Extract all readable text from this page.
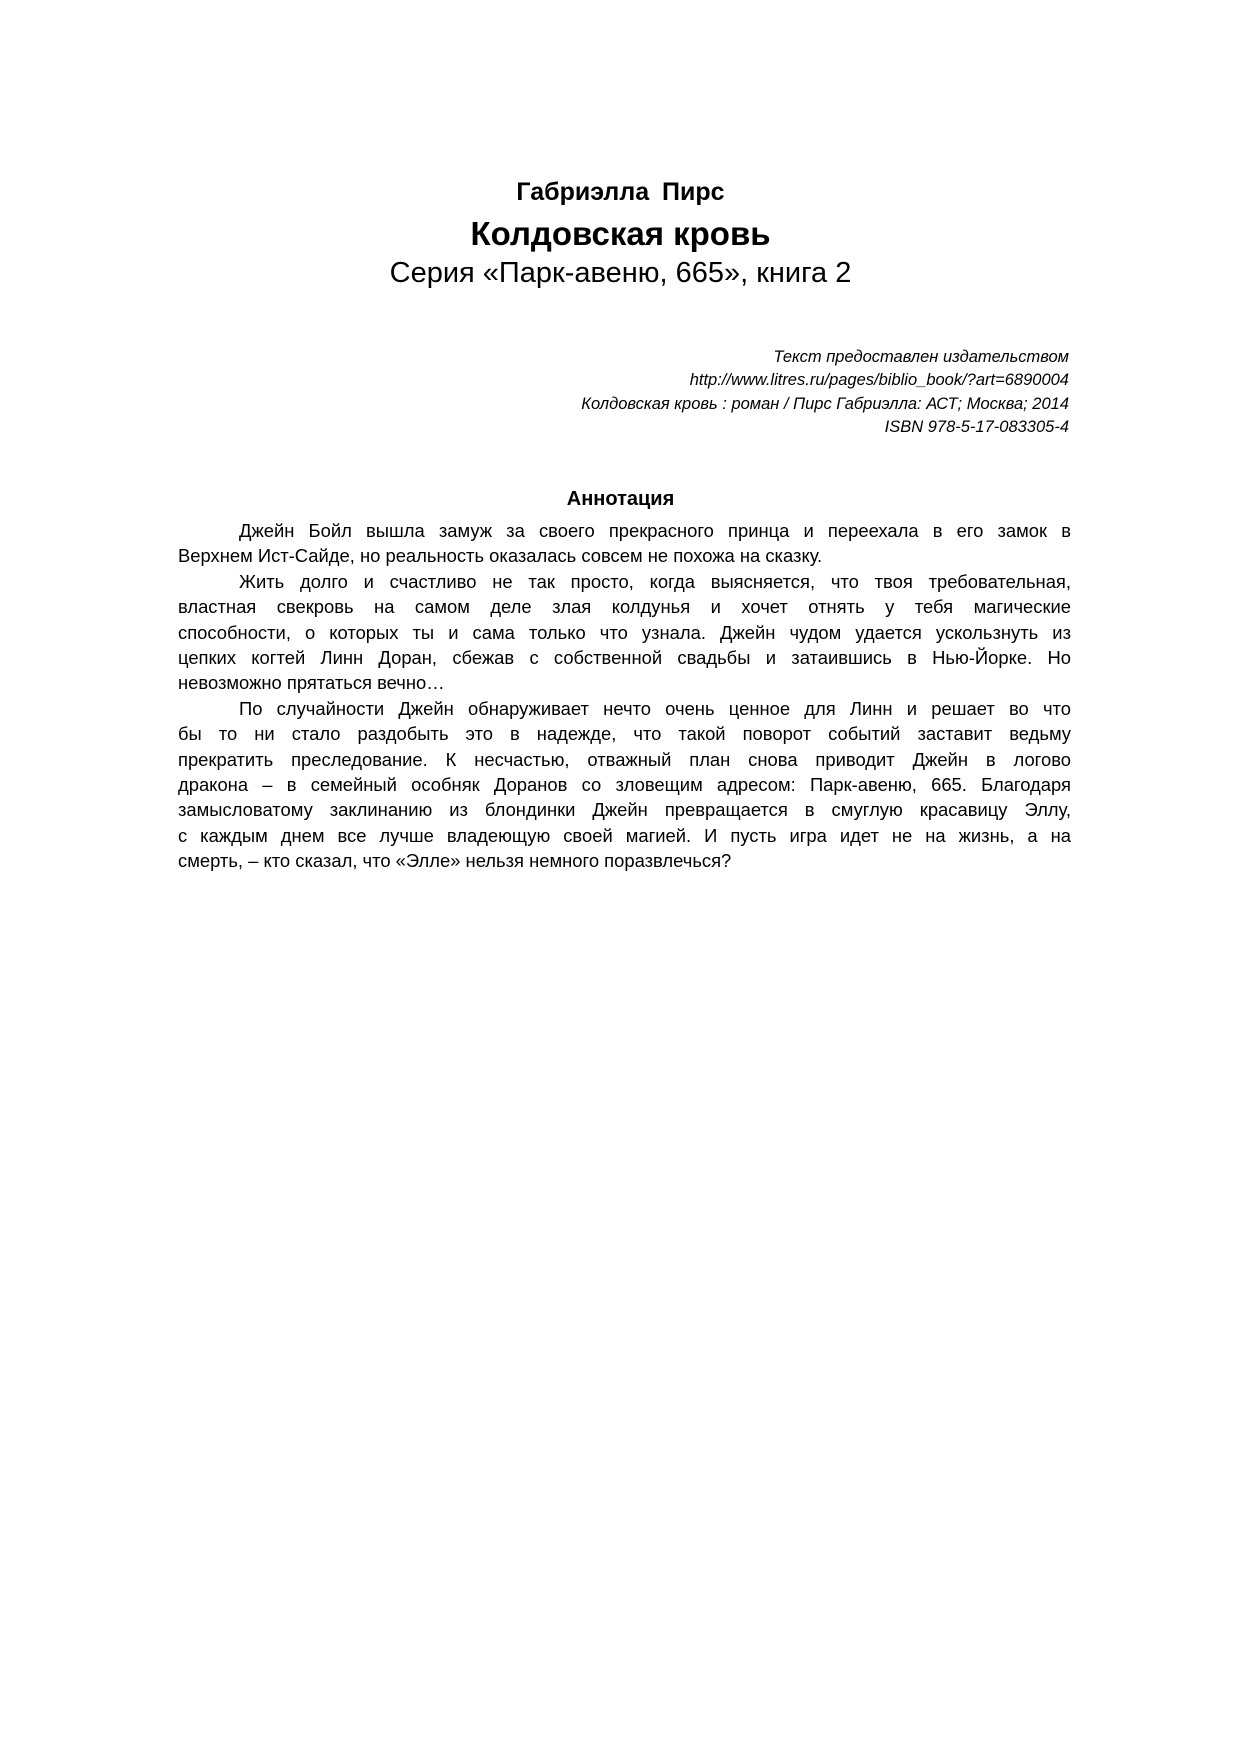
Габриэлла Пирс
Колдовская кровь
Серия «Парк-авеню, 665», книга 2
Текст предоставлен издательством
http://www.litres.ru/pages/biblio_book/?art=6890004
Колдовская кровь : роман / Пирс Габриэлла: АСТ; Москва; 2014
ISBN 978-5-17-083305-4
Аннотация
Джейн Бойл вышла замуж за своего прекрасного принца и переехала в его замок в
Верхнем Ист-Сайде, но реальность оказалась совсем не похожа на сказку.
Жить долго и счастливо не так просто, когда выясняется, что твоя требовательная,
властная свекровь на самом деле злая колдунья и хочет отнять у тебя магические
способности, о которых ты и сама только что узнала. Джейн чудом удается ускользнуть из
цепких когтей Линн Доран, сбежав с собственной свадьбы и затаившись в Нью-Йорке. Но
невозможно прятаться вечно…
По случайности Джейн обнаруживает нечто очень ценное для Линн и решает во что
бы то ни стало раздобыть это в надежде, что такой поворот событий заставит ведьму
прекратить преследование. К несчастью, отважный план снова приводит Джейн в логово
дракона – в семейный особняк Доранов со зловещим адресом: Парк-авеню, 665. Благодаря
замысловатому заклинанию из блондинки Джейн превращается в смуглую красавицу Эллу,
с каждым днем все лучше владеющую своей магией. И пусть игра идет не на жизнь, а на
смерть, – кто сказал, что «Элле» нельзя немного поразвлечься?
